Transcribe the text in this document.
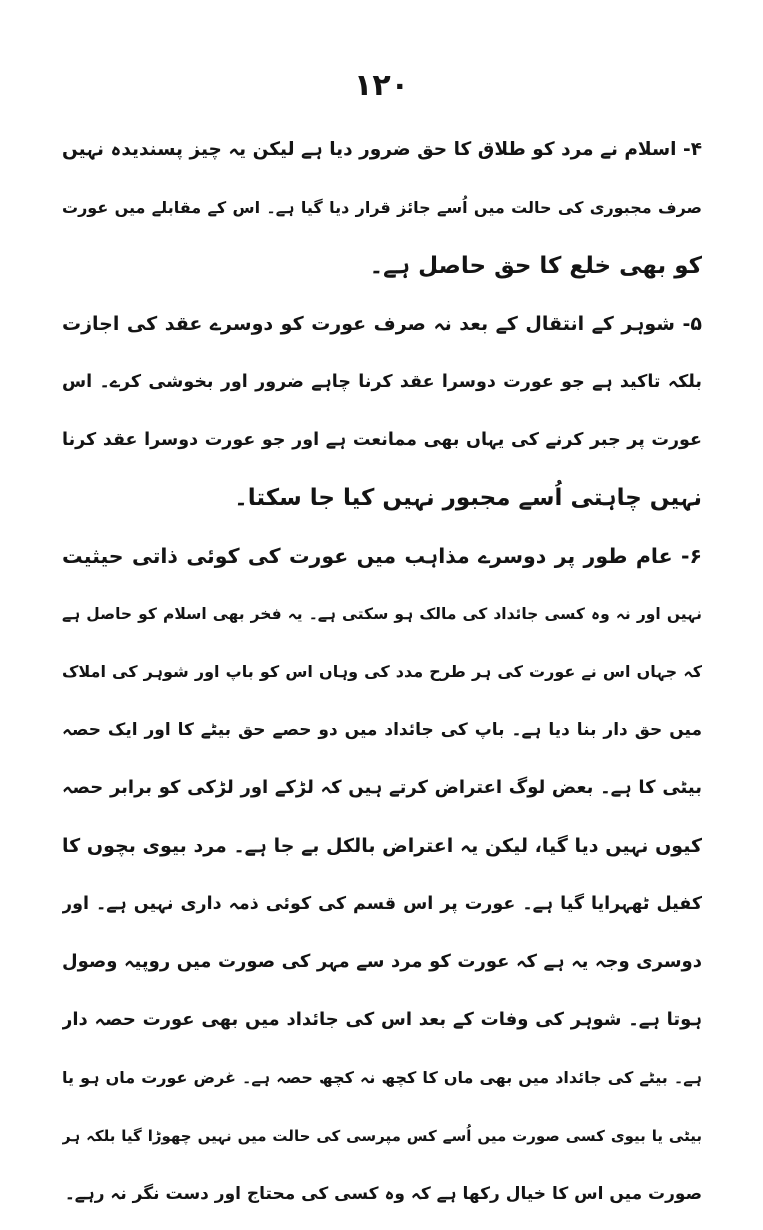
۱۲۰
۴- اسلام نے مرد کو طلاق کا حق ضرور دیا ہے لیکن یہ چیز پسندیدہ نہیں
صرف مجبوری کی حالت میں اُسے جائز قرار دیا گیا ہے۔ اس کے مقابلے میں عورت
کو بھی خلع کا حق حاصل ہے۔
۵- شوہر کے انتقال کے بعد نہ صرف عورت کو دوسرے عقد کی اجازت
بلکہ تاکید ہے جو عورت دوسرا عقد کرنا چاہے ضرور اور بخوشی کرے۔ اس
عورت پر جبر کرنے کی یہاں بھی ممانعت ہے اور جو عورت دوسرا عقد کرنا
نہیں چاہتی اُسے مجبور نہیں کیا جا سکتا۔
۶- عام طور پر دوسرے مذاہب میں عورت کی کوئی ذاتی حیثیت
نہیں اور نہ وہ کسی جائداد کی مالک ہو سکتی ہے۔ یہ فخر بھی اسلام کو حاصل ہے
کہ جہاں اس نے عورت کی ہر طرح مدد کی وہاں اس کو باپ اور شوہر کی املاک
میں حق دار بنا دیا ہے۔ باپ کی جائداد میں دو حصے حق بیٹے کا اور ایک حصہ
بیٹی کا ہے۔ بعض لوگ اعتراض کرتے ہیں کہ لڑکے اور لڑکی کو برابر حصہ
کیوں نہیں دیا گیا، لیکن یہ اعتراض بالکل بے جا ہے۔ مرد بیوی بچوں کا
کفیل ٹھہرایا گیا ہے۔ عورت پر اس قسم کی کوئی ذمہ داری نہیں ہے۔ اور
دوسری وجہ یہ ہے کہ عورت کو مرد سے مہر کی صورت میں روپیہ وصول
ہوتا ہے۔ شوہر کی وفات کے بعد اس کی جائداد میں بھی عورت حصہ دار
ہے۔ بیٹے کی جائداد میں بھی ماں کا کچھ نہ کچھ حصہ ہے۔ غرض عورت ماں ہو یا
بیٹی یا بیوی کسی صورت میں اُسے کس مپرسی کی حالت میں نہیں چھوڑا گیا بلکہ ہر
صورت میں اس کا خیال رکھا ہے کہ وہ کسی کی محتاج اور دست نگر نہ رہے۔
